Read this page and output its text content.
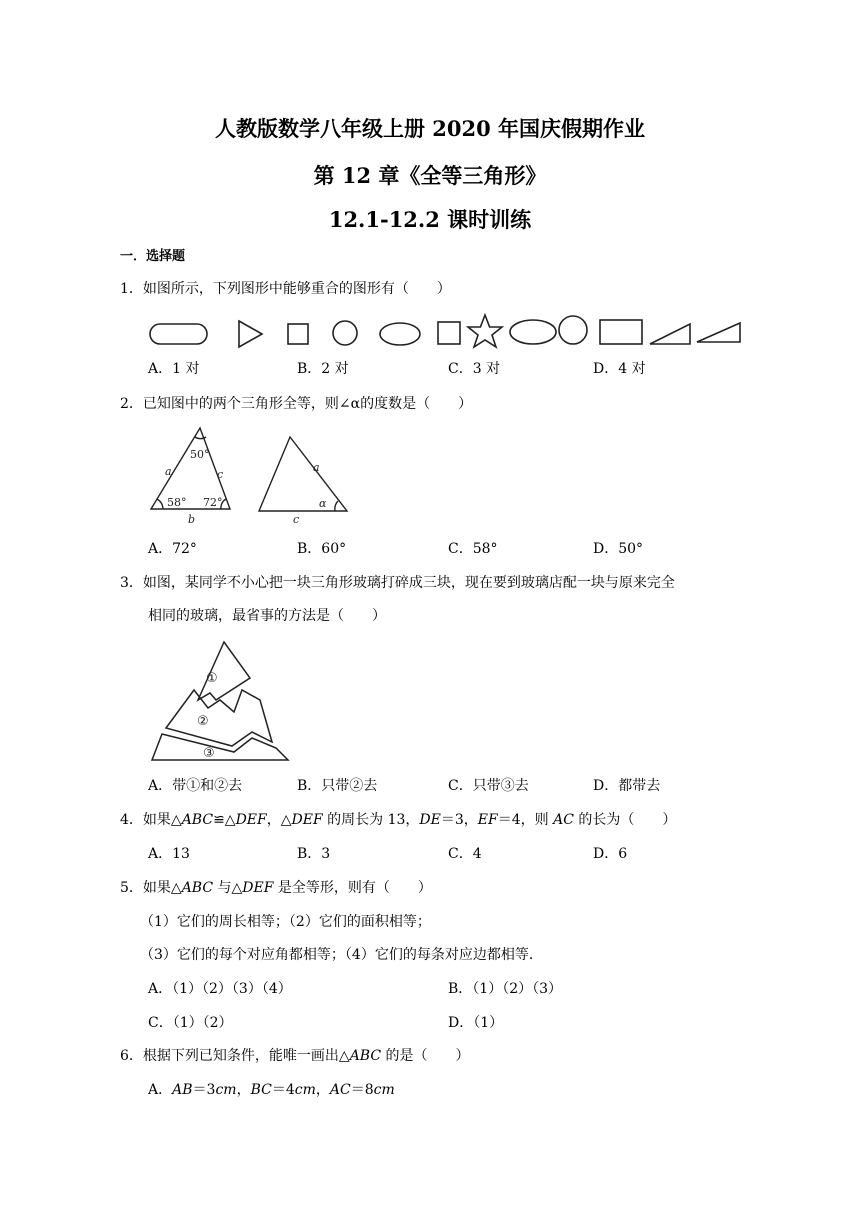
人教版数学八年级上册 2020 年国庆假期作业
第 12 章《全等三角形》
12.1-12.2 课时训练
一．选择题
1．如图所示，下列图形中能够重合的图形有（　　）
A．1 对	B．2 对	C．3 对	D．4 对
2．已知图中的两个三角形全等，则∠α的度数是（　　）
50°
a	c
58° 72°
b
a
α
c
A．72°	B．60°	C．58°	D．50°
3．如图，某同学不小心把一块三角形玻璃打碎成三块，现在要到玻璃店配一块与原来完全
相同的玻璃，最省事的方法是（　　）
①
②
③
A．带①和②去	B．只带②去	C．只带③去	D．都带去
4．如果△ABC≌△DEF，△DEF 的周长为 13，DE＝3，EF＝4，则 AC 的长为（　　）
A．13	B．3	C．4	D．6
5．如果△ABC 与△DEF 是全等形，则有（　　）
（1）它们的周长相等；（2）它们的面积相等；
（3）它们的每个对应角都相等；（4）它们的每条对应边都相等．
A．（1）（2）（3）（4）	B．（1）（2）（3）
C．（1）（2）	D．（1）
6．根据下列已知条件，能唯一画出△ABC 的是（　　）
A．AB＝3cm，BC＝4cm，AC＝8cm
